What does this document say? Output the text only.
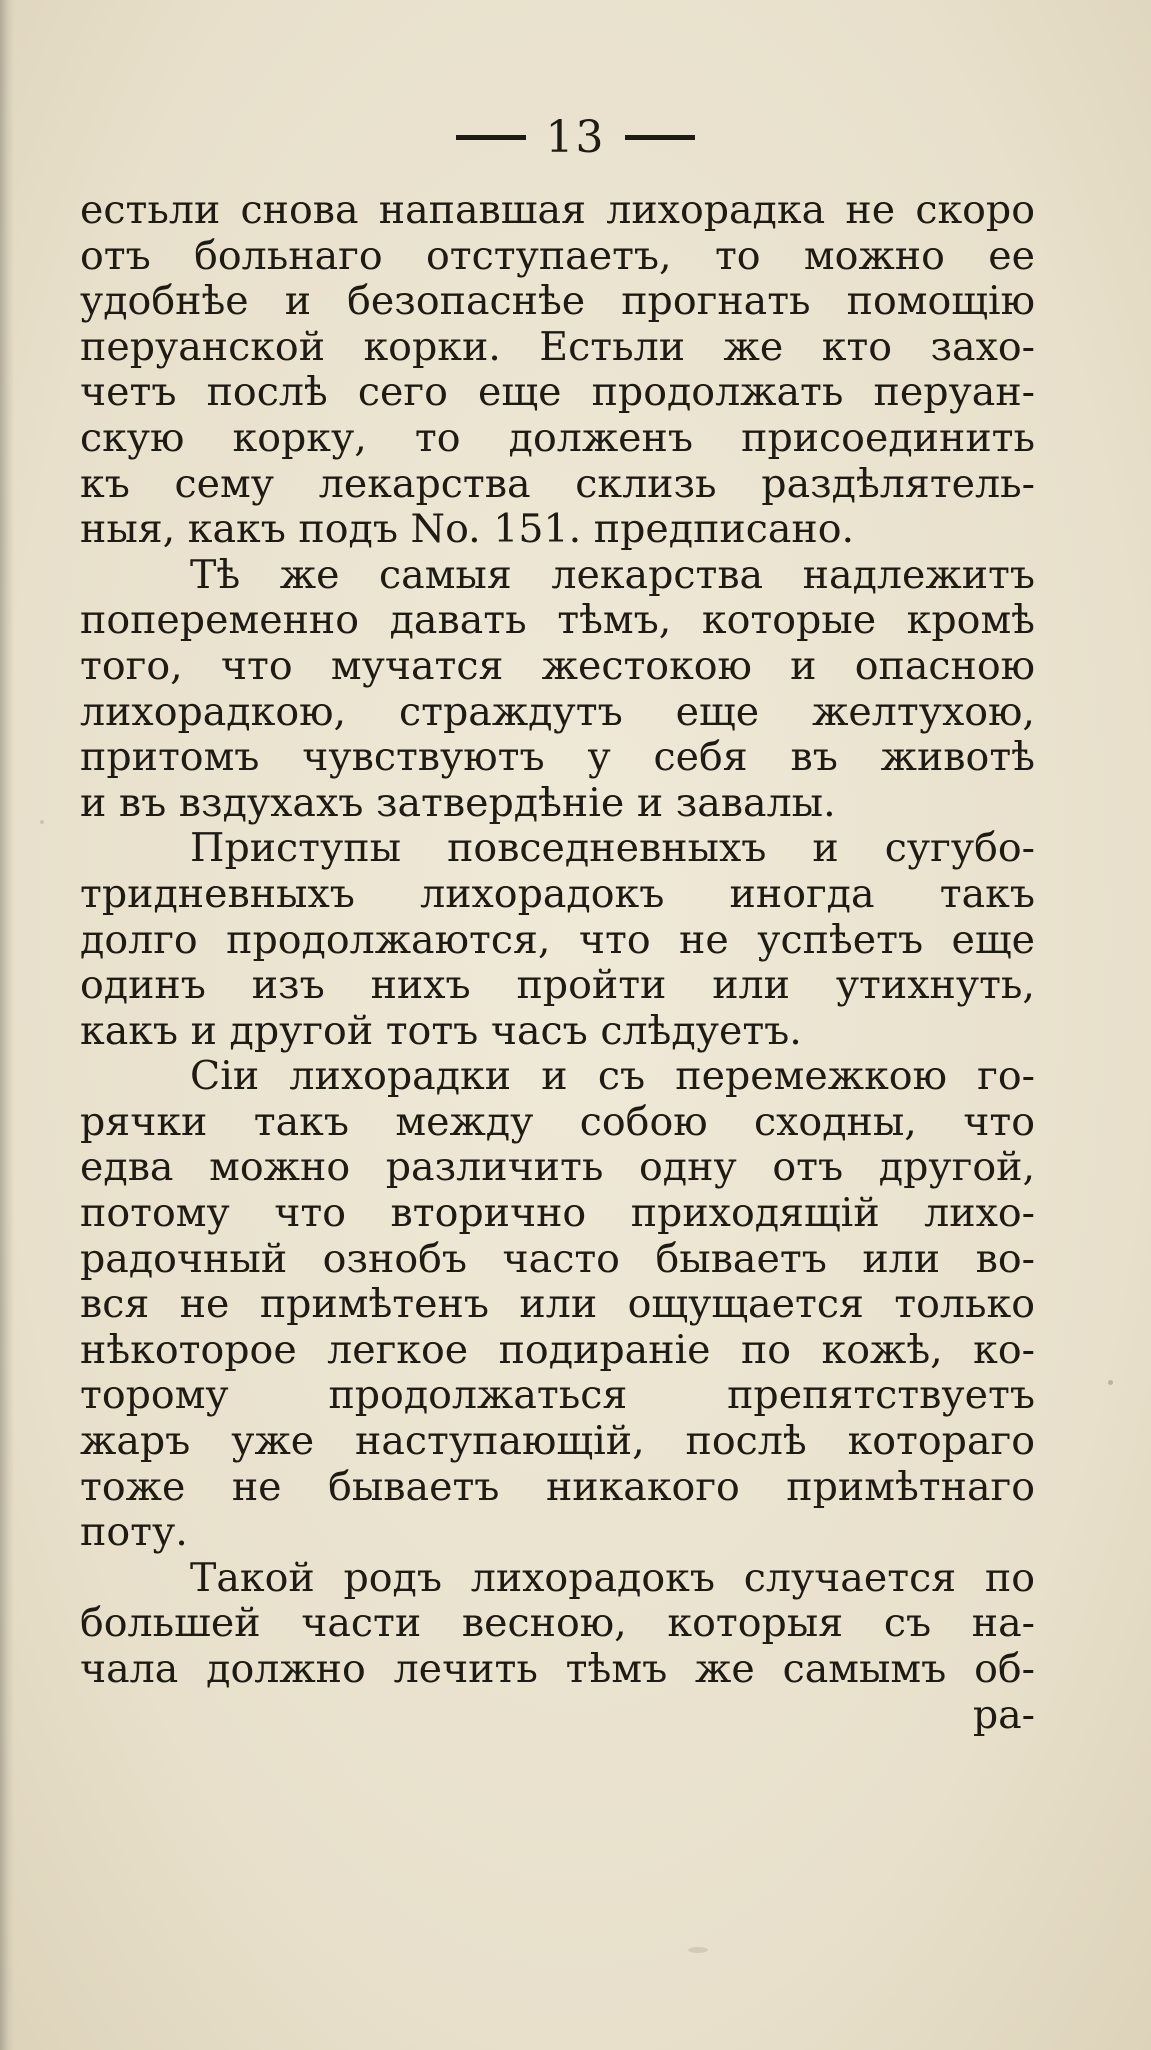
13
естьли снова напавшая лихорадка не скоро
отъ больнаго отступаетъ, то можно ее
удобнѣе и безопаснѣе прогнать помощію
перуанской корки. Естьли же кто захо-
четъ послѣ сего еще продолжать перуан-
скую корку, то долженъ присоединить
къ сему лекарства склизь раздѣлятель-
ныя, какъ подъ No. 151. предписано.
Тѣ же самыя лекарства надлежитъ
попеременно давать тѣмъ, которые кромѣ
того, что мучатся жестокою и опасною
лихорадкою, страждутъ еще желтухою,
притомъ чувствуютъ у себя въ животѣ
и въ вздухахъ затвердѣніе и завалы.
Приступы повседневныхъ и сугубо-
тридневныхъ лихорадокъ иногда такъ
долго продолжаются, что не успѣетъ еще
одинъ изъ нихъ пройти или утихнуть,
какъ и другой тотъ часъ слѣдуетъ.
Сіи лихорадки и съ перемежкою го-
рячки такъ между собою сходны, что
едва можно различить одну отъ другой,
потому что вторично приходящій лихо-
радочный ознобъ часто бываетъ или во-
вся не примѣтенъ или ощущается только
нѣкоторое легкое подираніе по кожѣ, ко-
торому продолжаться препятствуетъ
жаръ уже наступающій, послѣ котораго
тоже не бываетъ никакого примѣтнаго
поту.
Такой родъ лихорадокъ случается по
большей части весною, которыя съ на-
чала должно лечить тѣмъ же самымъ об-
ра-
